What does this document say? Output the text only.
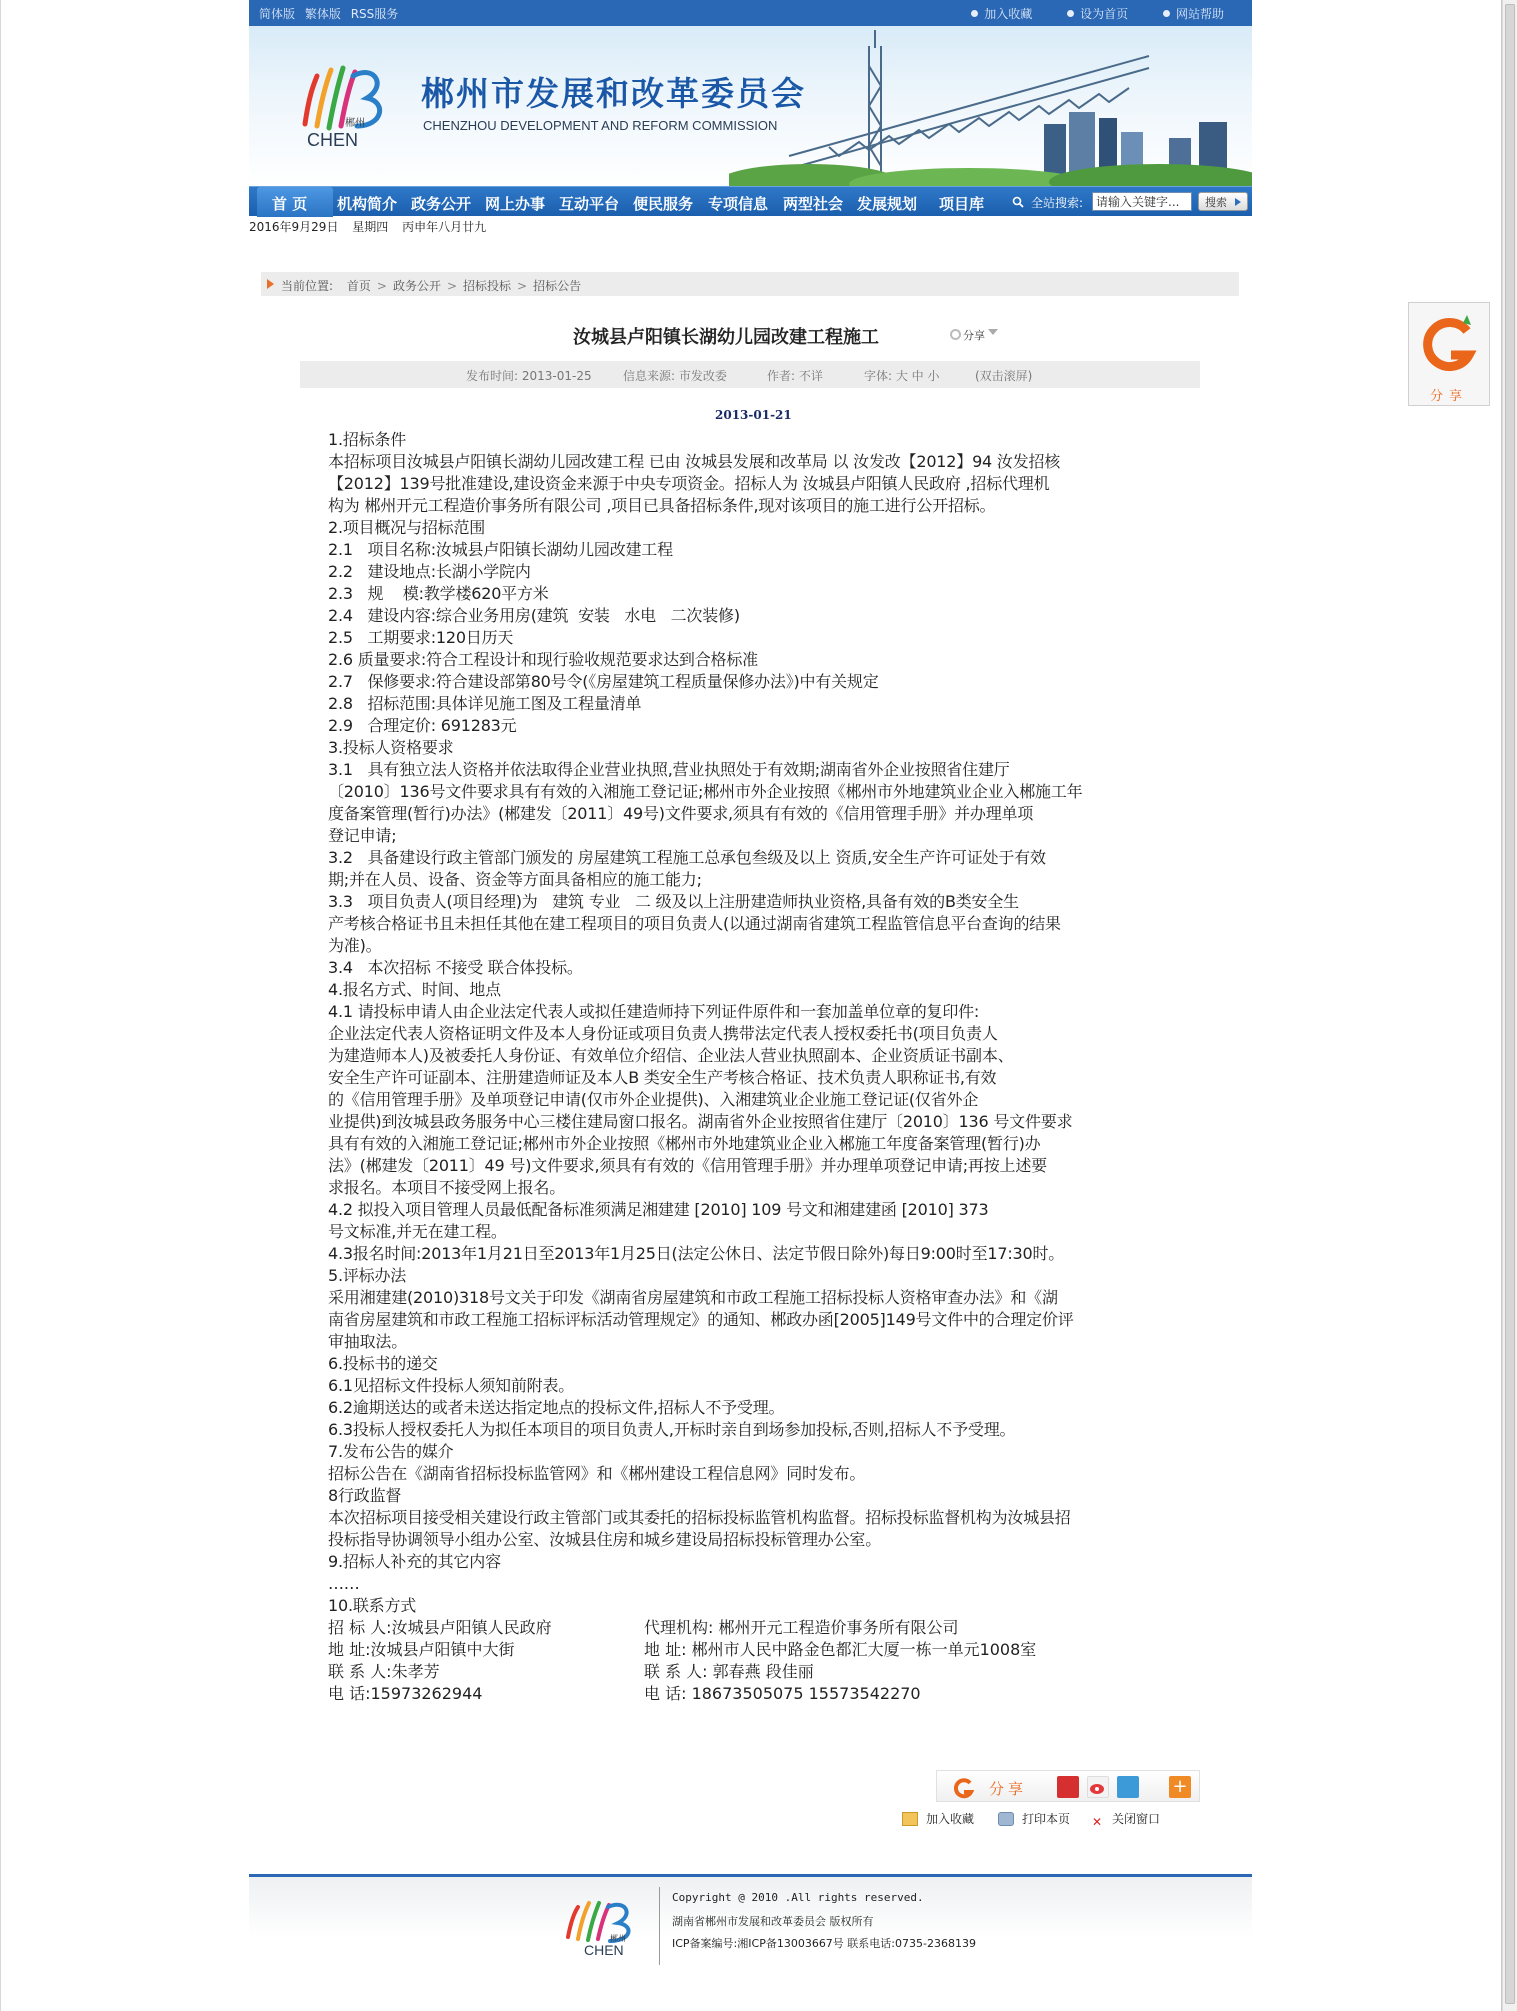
简体版 繁体版 RSS服务	加入收藏	设为首页	网站帮助
郴州
CHEN
郴州市发展和改革委员会
CHENZHOU DEVELOPMENT AND REFORM COMMISSION
首 页 机构简介 政务公开 网上办事 互动平台 便民服务 专项信息 两型社会 发展规划 项目库	全站搜索:
请输入关键字...	搜索
2016年9月29日 星期四 丙申年八月廿九
当前位置: 首页 > 政务公开 > 招标投标 > 招标公告
汝城县卢阳镇长湖幼儿园改建工程施工	分享
发布时间: 2013-01-25	信息来源: 市发改委	作者: 不详	字体: 大 中 小	(双击滚屏)
2013-01-21
1.招标条件
本招标项目汝城县卢阳镇长湖幼儿园改建工程 已由 汝城县发展和改革局 以 汝发改【2012】94 汝发招核
【2012】139号批准建设,建设资金来源于中央专项资金。招标人为 汝城县卢阳镇人民政府 ,招标代理机
构为 郴州开元工程造价事务所有限公司 ,项目已具备招标条件,现对该项目的施工进行公开招标。
2.项目概况与招标范围
2.1   项目名称:汝城县卢阳镇长湖幼儿园改建工程
2.2   建设地点:长湖小学院内
2.3   规    模:教学楼620平方米
2.4   建设内容:综合业务用房(建筑  安装   水电   二次装修)
2.5   工期要求:120日历天
2.6 质量要求:符合工程设计和现行验收规范要求达到合格标准
2.7   保修要求:符合建设部第80号令(《房屋建筑工程质量保修办法》)中有关规定
2.8   招标范围:具体详见施工图及工程量清单
2.9   合理定价: 691283元
3.投标人资格要求
3.1   具有独立法人资格并依法取得企业营业执照,营业执照处于有效期;湖南省外企业按照省住建厅
〔2010〕136号文件要求具有有效的入湘施工登记证;郴州市外企业按照《郴州市外地建筑业企业入郴施工年
度备案管理(暂行)办法》(郴建发〔2011〕49号)文件要求,须具有有效的《信用管理手册》并办理单项
登记申请;
3.2   具备建设行政主管部门颁发的 房屋建筑工程施工总承包叁级及以上 资质,安全生产许可证处于有效
期;并在人员、设备、资金等方面具备相应的施工能力;
3.3   项目负责人(项目经理)为   建筑 专业   二 级及以上注册建造师执业资格,具备有效的B类安全生
产考核合格证书且未担任其他在建工程项目的项目负责人(以通过湖南省建筑工程监管信息平台查询的结果
为准)。
3.4   本次招标 不接受 联合体投标。
4.报名方式、时间、地点
4.1 请投标申请人由企业法定代表人或拟任建造师持下列证件原件和一套加盖单位章的复印件:
企业法定代表人资格证明文件及本人身份证或项目负责人携带法定代表人授权委托书(项目负责人
为建造师本人)及被委托人身份证、有效单位介绍信、企业法人营业执照副本、企业资质证书副本、
安全生产许可证副本、注册建造师证及本人B 类安全生产考核合格证、技术负责人职称证书,有效
的《信用管理手册》及单项登记申请(仅市外企业提供)、入湘建筑业企业施工登记证(仅省外企
业提供)到汝城县政务服务中心三楼住建局窗口报名。湖南省外企业按照省住建厅〔2010〕136 号文件要求
具有有效的入湘施工登记证;郴州市外企业按照《郴州市外地建筑业企业入郴施工年度备案管理(暂行)办
法》(郴建发〔2011〕49 号)文件要求,须具有有效的《信用管理手册》并办理单项登记申请;再按上述要
求报名。本项目不接受网上报名。
4.2 拟投入项目管理人员最低配备标准须满足湘建建 [2010] 109 号文和湘建建函 [2010] 373
号文标准,并无在建工程。
4.3报名时间:2013年1月21日至2013年1月25日(法定公休日、法定节假日除外)每日9:00时至17:30时。
5.评标办法
采用湘建建(2010)318号文关于印发《湖南省房屋建筑和市政工程施工招标投标人资格审查办法》和《湖
南省房屋建筑和市政工程施工招标评标活动管理规定》的通知、郴政办函[2005]149号文件中的合理定价评
审抽取法。
6.投标书的递交
6.1见招标文件投标人须知前附表。
6.2逾期送达的或者未送达指定地点的投标文件,招标人不予受理。
6.3投标人授权委托人为拟任本项目的项目负责人,开标时亲自到场参加投标,否则,招标人不予受理。
7.发布公告的媒介
招标公告在《湖南省招标投标监管网》和《郴州建设工程信息网》同时发布。
8行政监督
本次招标项目接受相关建设行政主管部门或其委托的招标投标监管机构监督。招标投标监督机构为汝城县招
投标指导协调领导小组办公室、汝城县住房和城乡建设局招标投标管理办公室。
9.招标人补充的其它内容
……
10.联系方式
招 标 人:汝城县卢阳镇人民政府	代理机构: 郴州开元工程造价事务所有限公司
地 址:汝城县卢阳镇中大街	地 址: 郴州市人民中路金色都汇大厦一栋一单元1008室
联 系 人:朱孝芳	联 系 人: 郭春燕 段佳丽
电 话:15973262944	电 话: 18673505075 15573542270
分享	+
加入收藏	打印本页 ✕ 关闭窗口
分享
郴州
CHEN
Copyright @ 2010 .All rights reserved.
湖南省郴州市发展和改革委员会 版权所有
ICP备案编号:湘ICP备13003667号 联系电话:0735-2368139
